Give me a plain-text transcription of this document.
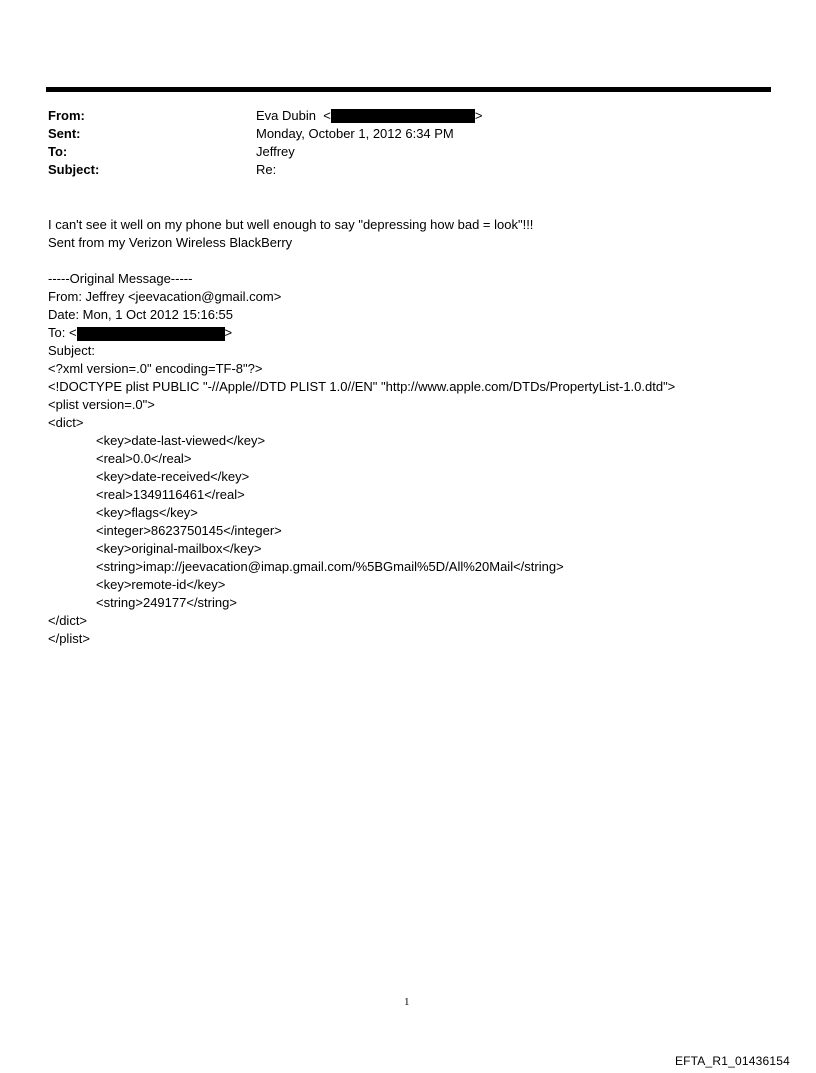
From:	Eva Dubin
<	>
Sent:	Monday, October 1, 2012 6:34 PM
To:	Jeffrey
Subject:	Re:
I can't see it well on my phone but well enough to say "depressing how bad = look"!!!
Sent from my Verizon Wireless BlackBerry
-----Original Message-----
From: Jeffrey <jeevacation@gmail.com>
Date: Mon, 1 Oct 2012 15:16:55
To: <	>
Subject:
<?xml version=.0" encoding=TF-8"?>
<!DOCTYPE plist PUBLIC "-//Apple//DTD PLIST 1.0//EN" "http://www.apple.com/DTDs/PropertyList-1.0.dtd">
<plist version=.0">
<dict>
<key>date-last-viewed</key>
<real>0.0</real>
<key>date-received</key>
<real>1349116461</real>
<key>flags</key>
<integer>8623750145</integer>
<key>original-mailbox</key>
<string>imap://jeevacation@imap.gmail.com/%5BGmail%5D/All%20Mail</string>
<key>remote-id</key>
<string>249177</string>
</dict>
</plist>
1
EFTA_R1_01436154
